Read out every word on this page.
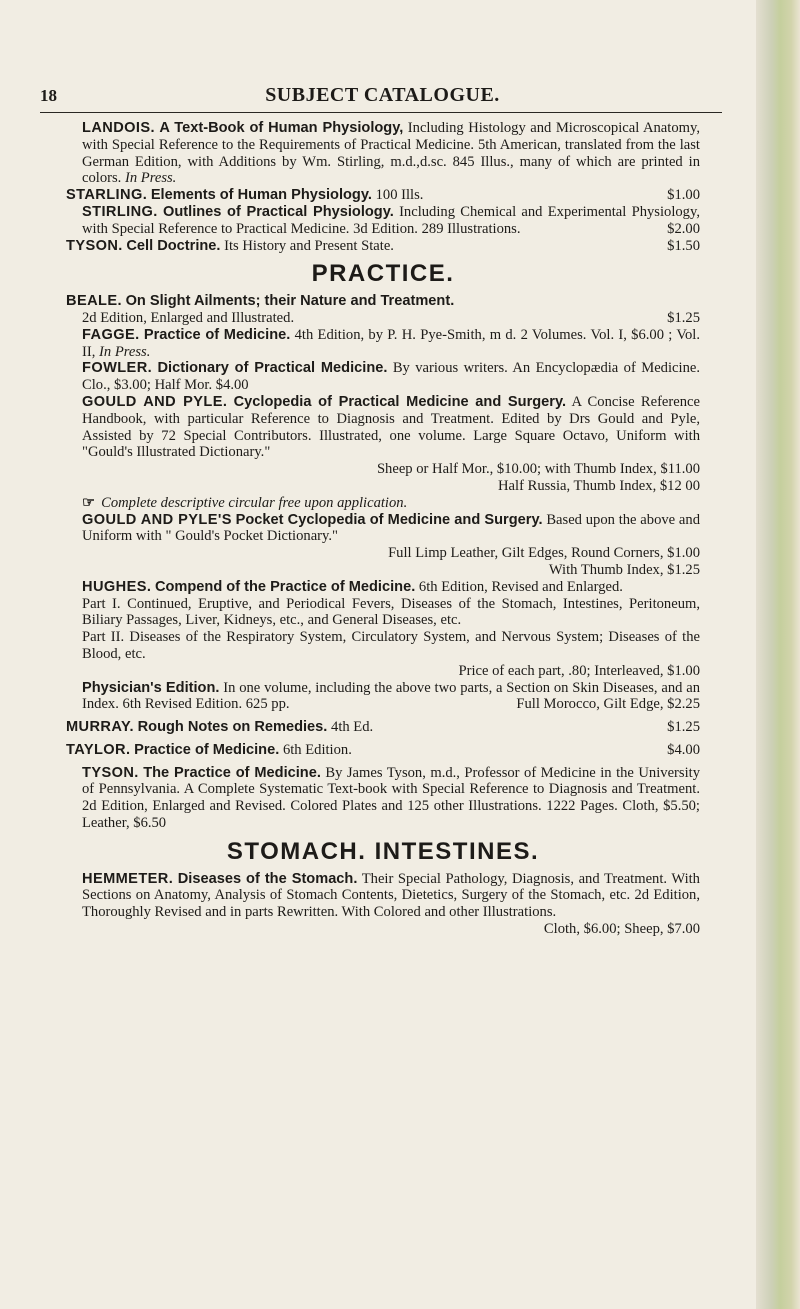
18	SUBJECT CATALOGUE.

LANDOIS. A Text-Book of Human Physiology, Including Histology and Microscopical Anatomy, with Special Reference to the Requirements of Practical Medicine. 5th American, translated from the last German Edition, with Additions by Wm. Stirling, m.d.,d.sc. 845 Illus., many of which are printed in colors. In Press.

STARLING. Elements of Human Physiology. 100 Ills.	$1.00

STIRLING. Outlines of Practical Physiology. Including Chemical and Experimental Physiology, with Special Reference to Practical Medicine. 3d Edition. 289 Illustrations.	$2.00

TYSON. Cell Doctrine. Its History and Present State.	$1.50

PRACTICE.

BEALE. On Slight Ailments; their Nature and Treatment.

2d Edition, Enlarged and Illustrated.	$1.25

FAGGE. Practice of Medicine. 4th Edition, by P. H. Pye-Smith, m d. 2 Volumes. Vol. I, $6.00 ; Vol. II, In Press.

FOWLER. Dictionary of Practical Medicine. By various writers. An Encyclopædia of Medicine. Clo., $3.00; Half Mor. $4.00

GOULD AND PYLE. Cyclopedia of Practical Medicine and Surgery. A Concise Reference Handbook, with particular Reference to Diagnosis and Treatment. Edited by Drs Gould and Pyle, Assisted by 72 Special Contributors. Illustrated, one volume. Large Square Octavo, Uniform with "Gould's Illustrated Dictionary."

Sheep or Half Mor., $10.00; with Thumb Index, $11.00

Half Russia, Thumb Index, $12 00

☞ Complete descriptive circular free upon application.

GOULD AND PYLE'S Pocket Cyclopedia of Medicine and Surgery. Based upon the above and Uniform with " Gould's Pocket Dictionary."

Full Limp Leather, Gilt Edges, Round Corners, $1.00

With Thumb Index, $1.25

HUGHES. Compend of the Practice of Medicine. 6th Edition, Revised and Enlarged.

Part I. Continued, Eruptive, and Periodical Fevers, Diseases of the Stomach, Intestines, Peritoneum, Biliary Passages, Liver, Kidneys, etc., and General Diseases, etc.

Part II. Diseases of the Respiratory System, Circulatory System, and Nervous System; Diseases of the Blood, etc.

Price of each part, .80; Interleaved, $1.00

Physician's Edition. In one volume, including the above two parts, a Section on Skin Diseases, and an Index. 6th Revised Edition. 625 pp.	Full Morocco, Gilt Edge, $2.25

MURRAY. Rough Notes on Remedies. 4th Ed.	$1.25

TAYLOR. Practice of Medicine. 6th Edition.	$4.00

TYSON. The Practice of Medicine. By James Tyson, m.d., Professor of Medicine in the University of Pennsylvania. A Complete Systematic Text-book with Special Reference to Diagnosis and Treatment. 2d Edition, Enlarged and Revised. Colored Plates and 125 other Illustrations. 1222 Pages. Cloth, $5.50; Leather, $6.50

STOMACH. INTESTINES.

HEMMETER. Diseases of the Stomach. Their Special Pathology, Diagnosis, and Treatment. With Sections on Anatomy, Analysis of Stomach Contents, Dietetics, Surgery of the Stomach, etc. 2d Edition, Thoroughly Revised and in parts Rewritten. With Colored and other Illustrations.
Cloth, $6.00; Sheep, $7.00
